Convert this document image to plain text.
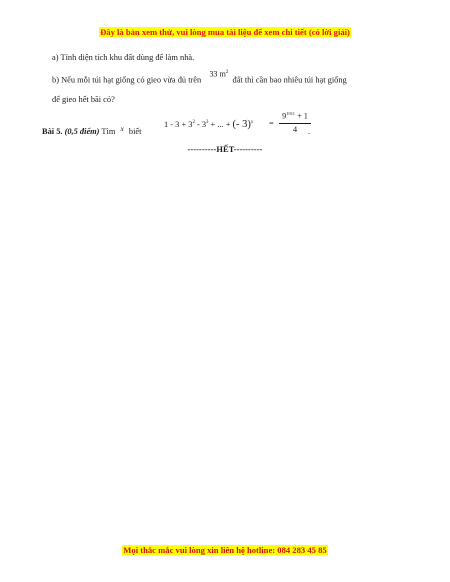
Đây là bản xem thử, vui lòng mua tài liệu để xem chi tiết (có lời giải)
a) Tính diện tích khu đất dùng để làm nhà.
b) Nếu mỗi túi hạt giống có gieo vừa đủ trên 33 $m^2$ đất thì cần bao nhiêu túi hạt giống
để gieo hết bãi cỏ?
Bài 5. (0,5 điểm) Tìm x biết
$1 - 3 + 3^2 - 3^3$ + ... + (- $3)^x = \frac{9^{1011} + 1}{4}$
.
----------HẾT----------
Mọi thắc mắc vui lòng xin liên hệ hotline: 084 283 45 85
